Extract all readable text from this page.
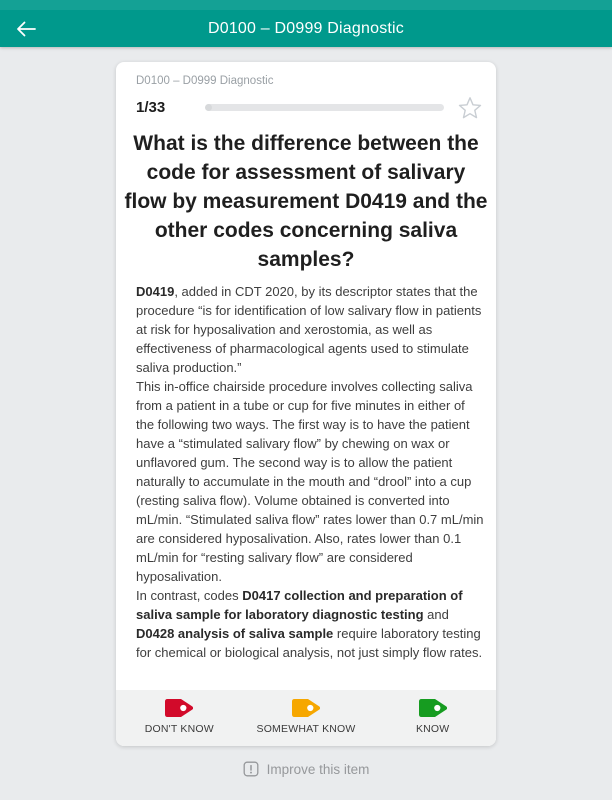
D0100 – D0999 Diagnostic
D0100 – D0999 Diagnostic
1/33
What is the difference between the code for assessment of salivary flow by measurement D0419 and the other codes concerning saliva samples?
D0419, added in CDT 2020, by its descriptor states that the procedure “is for identification of low salivary flow in patients at risk for hyposalivation and xerostomia, as well as effectiveness of pharmacological agents used to stimulate saliva production.”
This in-office chairside procedure involves collecting saliva from a patient in a tube or cup for five minutes in either of the following two ways. The first way is to have the patient have a “stimulated salivary flow” by chewing on wax or unflavored gum. The second way is to allow the patient naturally to accumulate in the mouth and “drool” into a cup (resting saliva flow). Volume obtained is converted into mL/min. “Stimulated saliva flow” rates lower than 0.7 mL/min are considered hyposalivation. Also, rates lower than 0.1 mL/min for “resting salivary flow” are considered hyposalivation.
In contrast, codes D0417 collection and preparation of saliva sample for laboratory diagnostic testing and D0428 analysis of saliva sample require laboratory testing for chemical or biological analysis, not just simply flow rates.
DON'T KNOW	SOMEWHAT KNOW	KNOW
Improve this item
